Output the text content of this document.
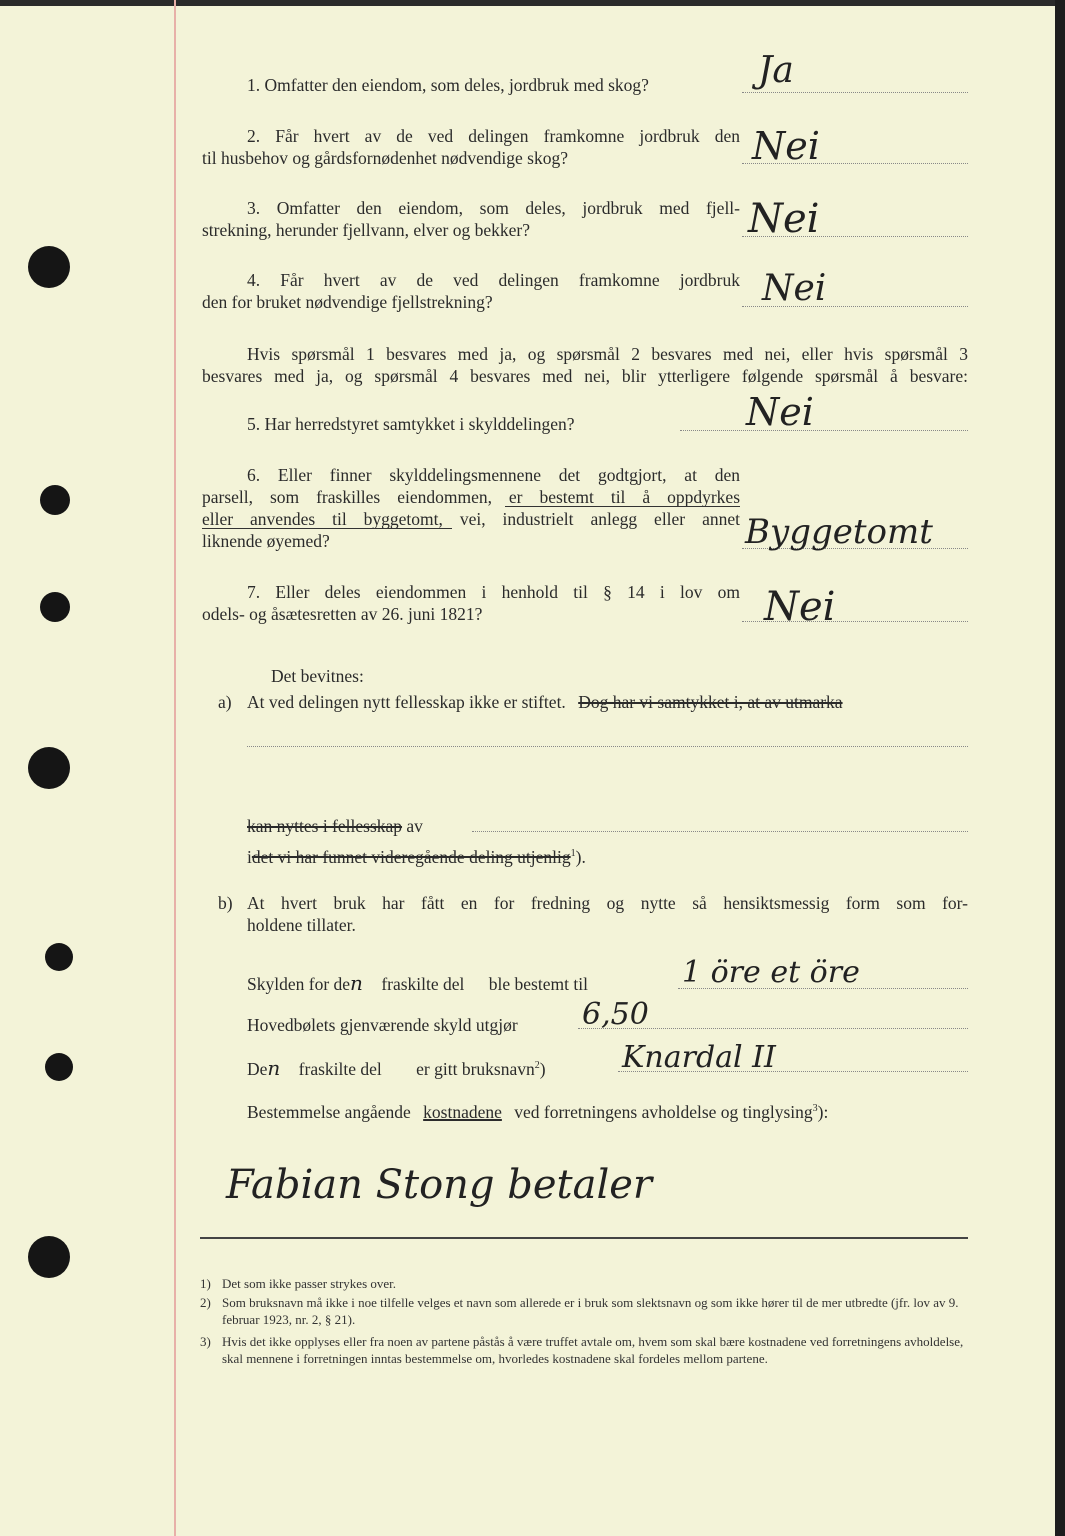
1. Omfatter den eiendom, som deles, jordbruk med skog?	Ja
2. Får hvert av de ved delingen framkomne jordbruk den
til husbehov og gårdsfornødenhet nødvendige skog?	Nei
3. Omfatter den eiendom, som deles, jordbruk med fjell-
strekning, herunder fjellvann, elver og bekker?	Nei
4. Får hvert av de ved delingen framkomne jordbruk
den for bruket nødvendige fjellstrekning?	Nei
Hvis spørsmål 1 besvares med ja, og spørsmål 2 besvares med nei, eller hvis spørsmål 3
besvares med ja, og spørsmål 4 besvares med nei, blir ytterligere følgende spørsmål å besvare:
5. Har herredstyret samtykket i skylddelingen?	Nei
6. Eller finner skylddelingsmennene det godtgjort, at den
parsell, som fraskilles eiendommen, er bestemt til å oppdyrkes
eller anvendes til byggetomt, vei, industrielt anlegg eller annet
liknende øyemed?	Byggetomt
7. Eller deles eiendommen i henhold til § 14 i lov om
odels- og åsætesretten av 26. juni 1821?	Nei
Det bevitnes:
a) At ved delingen nytt fellesskap ikke er stiftet. Dog har vi samtykket i, at av utmarka
kan nyttes i fellesskap av
idet vi har funnet videregående deling utjenlig$^1$).
b) At hvert bruk har fått en for fredning og nytte så hensiktsmessig form som for-
holdene tillater.
Skylden for den fraskilte del ble bestemt til	1 öre et öre
Hovedbølets gjenværende skyld utgjør 6,50
Den fraskilte del er gitt bruksnavn$^2$)	Knardal II
Bestemmelse angående kostnadene ved forretningens avholdelse og tinglysing$^3$):
Fabian Stong betaler
1) Det som ikke passer strykes over.
2) Som bruksnavn må ikke i noe tilfelle velges et navn som allerede er i bruk som slektsnavn og som ikke hører til de mer utbredte (jfr. lov av 9. februar 1923, nr. 2, § 21).
3) Hvis det ikke opplyses eller fra noen av partene påstås å være truffet avtale om, hvem som skal bære kostnadene ved forretningens avholdelse, skal mennene i forretningen inntas bestemmelse om, hvorledes kostnadene skal fordeles mellom partene.
